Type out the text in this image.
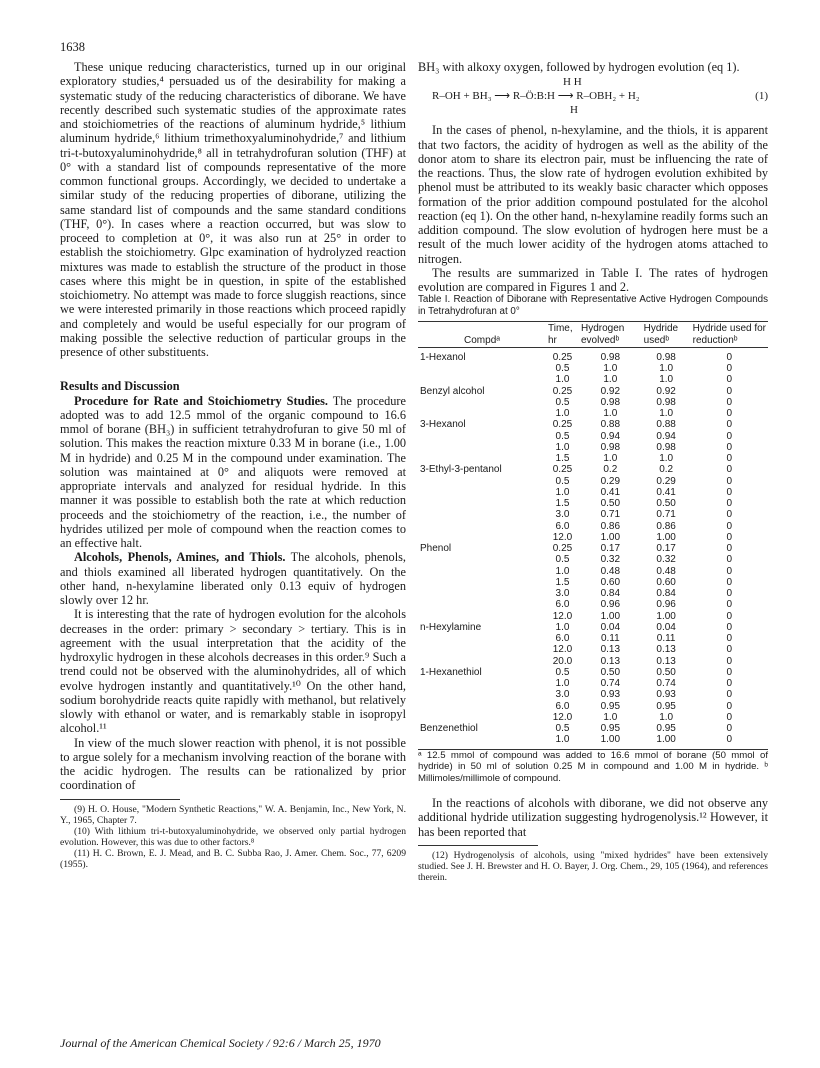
1638

These unique reducing characteristics, turned up in our original exploratory studies,⁴ persuaded us of the desirability for making a systematic study of the reducing characteristics of diborane. We have recently described such systematic studies of the approximate rates and stoichiometries of the reactions of aluminum hydride,⁵ lithium aluminum hydride,⁶ lithium trimethoxyaluminohydride,⁷ and lithium tri-t-butoxyaluminohydride,⁸ all in tetrahydrofuran solution (THF) at 0° with a standard list of compounds representative of the more common functional groups. Accordingly, we decided to undertake a similar study of the reducing properties of diborane, utilizing the same standard list of compounds and the same standard conditions (THF, 0°). In cases where a reaction occurred, but was slow to proceed to completion at 0°, it was also run at 25° in order to establish the stoichiometry. Glpc examination of hydrolyzed reaction mixtures was made to establish the structure of the product in those cases where this might be in question, in spite of the established stoichiometry. No attempt was made to force sluggish reactions, since we were interested primarily in those reactions which proceed rapidly and completely and would be useful especially for our program of making possible the selective reduction of particular groups in the presence of other substituents.

Results and Discussion

Procedure for Rate and Stoichiometry Studies. The procedure adopted was to add 12.5 mmol of the organic compound to 16.6 mmol of borane (BH₃) in sufficient tetrahydrofuran to give 50 ml of solution. This makes the reaction mixture 0.33 M in borane (i.e., 1.00 M in hydride) and 0.25 M in the compound under examination. The solution was maintained at 0° and aliquots were removed at appropriate intervals and analyzed for residual hydride. In this manner it was possible to establish both the rate at which reduction proceeds and the stoichiometry of the reaction, i.e., the number of hydrides utilized per mole of compound when the reaction comes to an effective halt.

Alcohols, Phenols, Amines, and Thiols. The alcohols, phenols, and thiols examined all liberated hydrogen quantitatively. On the other hand, n-hexylamine liberated only 0.13 equiv of hydrogen slowly over 12 hr.

It is interesting that the rate of hydrogen evolution for the alcohols decreases in the order: primary > secondary > tertiary. This is in agreement with the usual interpretation that the acidity of the hydroxylic hydrogen in these alcohols decreases in this order.⁹ Such a trend could not be observed with the aluminohydrides, all of which evolve hydrogen instantly and quantitatively.¹⁰ On the other hand, sodium borohydride reacts quite rapidly with methanol, but relatively slowly with ethanol or water, and is remarkably stable in isopropyl alcohol.¹¹

In view of the much slower reaction with phenol, it is not possible to argue solely for a mechanism involving reaction of the borane with the acidic hydrogen. The results can be rationalized by prior coordination of

(9) H. O. House, "Modern Synthetic Reactions," W. A. Benjamin, Inc., New York, N. Y., 1965, Chapter 7.

(10) With lithium tri-t-butoxyaluminohydride, we observed only partial hydrogen evolution. However, this was due to other factors.⁸

(11) H. C. Brown, E. J. Mead, and B. C. Subba Rao, J. Amer. Chem. Soc., 77, 6209 (1955).

BH₃ with alkoxy oxygen, followed by hydrogen evolution (eq 1).

H H
R–OH + BH₃ ⟶ R–Ö:B:H ⟶ R–OBH₂ + H₂
H
(1)

In the cases of phenol, n-hexylamine, and the thiols, it is apparent that two factors, the acidity of hydrogen as well as the ability of the donor atom to share its electron pair, must be influencing the rate of the reactions. Thus, the slow rate of hydrogen evolution exhibited by phenol must be attributed to its weakly basic character which opposes formation of the prior addition compound postulated for the alcohol reaction (eq 1). On the other hand, n-hexylamine readily forms such an addition compound. The slow evolution of hydrogen here must be a result of the much lower acidity of the hydrogen atoms attached to nitrogen.

The results are summarized in Table I. The rates of hydrogen evolution are compared in Figures 1 and 2.

Table I. Reaction of Diborane with Representative Active Hydrogen Compounds in Tetrahydrofuran at 0°

Compdᵃ	Time, hr	Hydrogen evolvedᵇ	Hydride usedᵇ	Hydride used for reductionᵇ
1-Hexanol	0.25	0.98	0.98	0
	0.5	1.0	1.0	0
	1.0	1.0	1.0	0
Benzyl alcohol	0.25	0.92	0.92	0
	0.5	0.98	0.98	0
	1.0	1.0	1.0	0
3-Hexanol	0.25	0.88	0.88	0
	0.5	0.94	0.94	0
	1.0	0.98	0.98	0
	1.5	1.0	1.0	0
3-Ethyl-3-pentanol	0.25	0.2	0.2	0
	0.5	0.29	0.29	0
	1.0	0.41	0.41	0
	1.5	0.50	0.50	0
	3.0	0.71	0.71	0
	6.0	0.86	0.86	0
	12.0	1.00	1.00	0
Phenol	0.25	0.17	0.17	0
	0.5	0.32	0.32	0
	1.0	0.48	0.48	0
	1.5	0.60	0.60	0
	3.0	0.84	0.84	0
	6.0	0.96	0.96	0
	12.0	1.00	1.00	0
n-Hexylamine	1.0	0.04	0.04	0
	6.0	0.11	0.11	0
	12.0	0.13	0.13	0
	20.0	0.13	0.13	0
1-Hexanethiol	0.5	0.50	0.50	0
	1.0	0.74	0.74	0
	3.0	0.93	0.93	0
	6.0	0.95	0.95	0
	12.0	1.0	1.0	0
Benzenethiol	0.5	0.95	0.95	0
	1.0	1.00	1.00	0

ᵃ 12.5 mmol of compound was added to 16.6 mmol of borane (50 mmol of hydride) in 50 ml of solution 0.25 M in compound and 1.00 M in hydride. ᵇ Millimoles/millimole of compound.

In the reactions of alcohols with diborane, we did not observe any additional hydride utilization suggesting hydrogenolysis.¹² However, it has been reported that

(12) Hydrogenolysis of alcohols, using "mixed hydrides" have been extensively studied. See J. H. Brewster and H. O. Bayer, J. Org. Chem., 29, 105 (1964), and references therein.

Journal of the American Chemical Society / 92:6 / March 25, 1970
